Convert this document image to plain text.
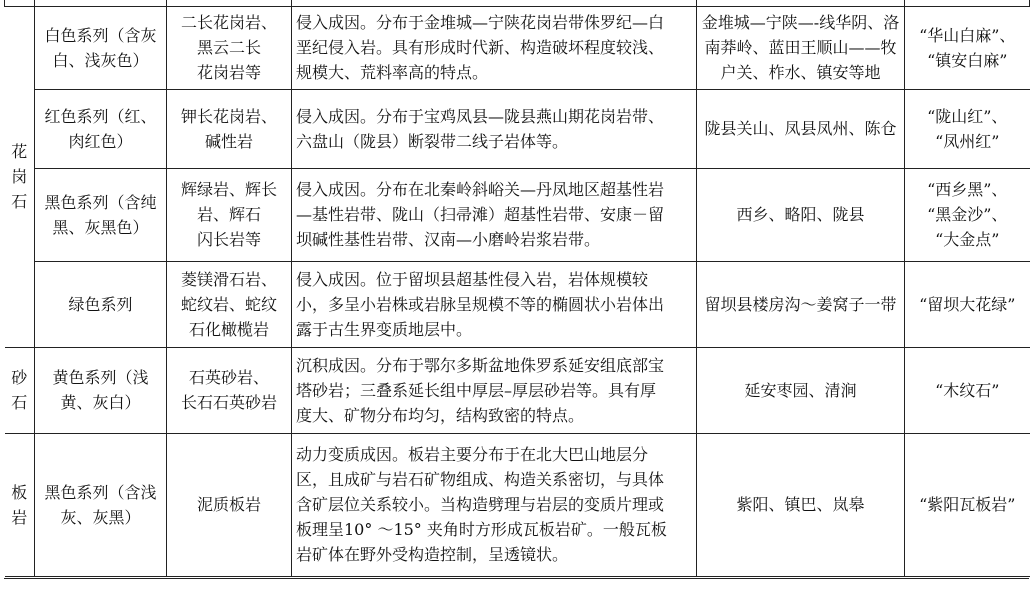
花
岗
石	白色系列（含灰
白、浅灰色）	二长花岗岩、
黑云二长
花岗岩等	侵入成因。分布于金堆城—宁陕花岗岩带侏罗纪—白
垩纪侵入岩。具有形成时代新、构造破坏程度较浅、
规模大、荒料率高的特点。	金堆城—宁陕—-线华阴、洛
南莽岭、蓝田王顺山——牧
户关、柞水、镇安等地	“华山白麻”、
“镇安白麻”

	红色系列（红、
肉红色）	钾长花岗岩、
碱性岩	侵入成因。分布于宝鸡凤县—陇县燕山期花岗岩带、
六盘山（陇县）断裂带二线子岩体等。	陇县关山、凤县凤州、陈仓	“陇山红”、
“凤州红”

	黑色系列（含纯
黑、灰黑色）	辉绿岩、辉长
岩、辉石
闪长岩等	侵入成因。分布在北秦岭斜峪关—丹凤地区超基性岩
—基性岩带、陇山（扫帚滩）超基性岩带、安康－留
坝碱性基性岩带、汉南—小磨岭岩浆岩带。	西乡、略阳、陇县	“西乡黑”、
“黑金沙”、
“大金点”

	绿色系列	菱镁滑石岩、
蛇纹岩、蛇纹
石化橄榄岩	侵入成因。位于留坝县超基性侵入岩，岩体规模较
小，多呈小岩株或岩脉呈规模不等的椭圆状小岩体出
露于古生界变质地层中。	留坝县楼房沟～姜窝子一带	“留坝大花绿”

砂
石	黄色系列（浅
黄、灰白）	石英砂岩、
长石石英砂岩	沉积成因。分布于鄂尔多斯盆地侏罗系延安组底部宝
塔砂岩；三叠系延长组中厚层–厚层砂岩等。具有厚
度大、矿物分布均匀，结构致密的特点。	延安枣园、清涧	“木纹石”

板
岩	黑色系列（含浅
灰、灰黑）	泥质板岩	动力变质成因。板岩主要分布于在北大巴山地层分
区，且成矿与岩石矿物组成、构造关系密切，与具体
含矿层位关系较小。当构造劈理与岩层的变质片理或
板理呈10° ～15° 夹角时方形成瓦板岩矿。一般瓦板
岩矿体在野外受构造控制，呈透镜状。	紫阳、镇巴、岚皋	“紫阳瓦板岩”
